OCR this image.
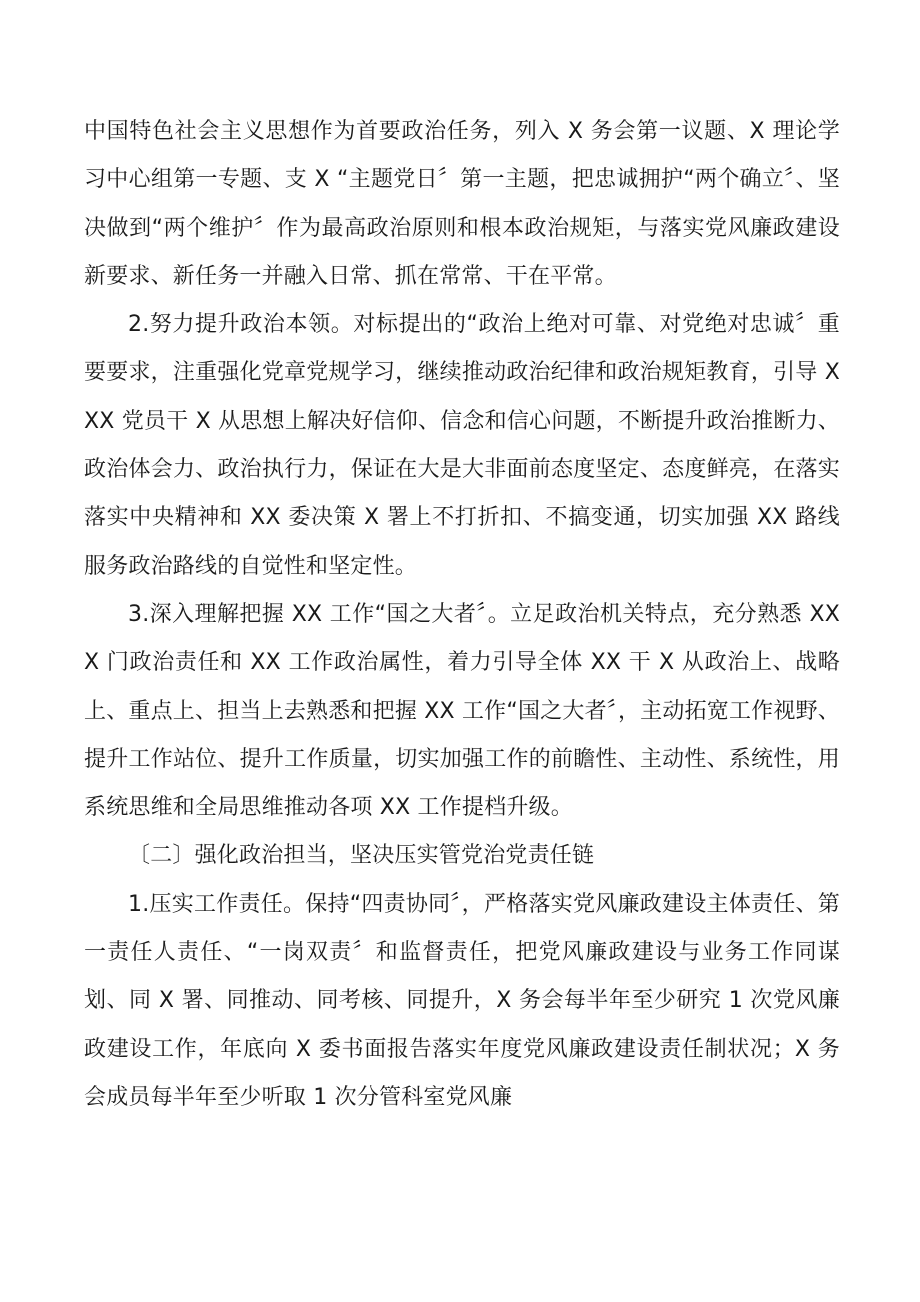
中国特色社会主义思想作为首要政治任务，列入 X 务会第一议题、X 理论学习中心组第一专题、支 X “主题党日〞第一主题，把忠诚拥护“两个确立〞、坚决做到“两个维护〞作为最高政治原则和根本政治规矩，与落实党风廉政建设新要求、新任务一并融入日常、抓在常常、干在平常。

2.努力提升政治本领。对标提出的“政治上绝对可靠、对党绝对忠诚〞重要要求，注重强化党章党规学习，继续推动政治纪律和政治规矩教育，引导 XXX 党员干 X 从思想上解决好信仰、信念和信心问题，不断提升政治推断力、政治体会力、政治执行力，保证在大是大非面前态度坚定、态度鲜亮，在落实落实中央精神和 XX 委决策 X 署上不打折扣、不搞变通，切实加强 XX 路线服务政治路线的自觉性和坚定性。

3.深入理解把握 XX 工作“国之大者〞。立足政治机关特点，充分熟悉 XXX 门政治责任和 XX 工作政治属性，着力引导全体 XX 干 X 从政治上、战略上、重点上、担当上去熟悉和把握 XX 工作“国之大者〞，主动拓宽工作视野、提升工作站位、提升工作质量，切实加强工作的前瞻性、主动性、系统性，用系统思维和全局思维推动各项 XX 工作提档升级。

〔二〕强化政治担当，坚决压实管党治党责任链

1.压实工作责任。保持“四责协同〞，严格落实党风廉政建设主体责任、第一责任人责任、“一岗双责〞和监督责任，把党风廉政建设与业务工作同谋划、同 X 署、同推动、同考核、同提升，X 务会每半年至少研究 1 次党风廉政建设工作，年底向 X 委书面报告落实年度党风廉政建设责任制状况；X 务会成员每半年至少听取 1 次分管科室党风廉
